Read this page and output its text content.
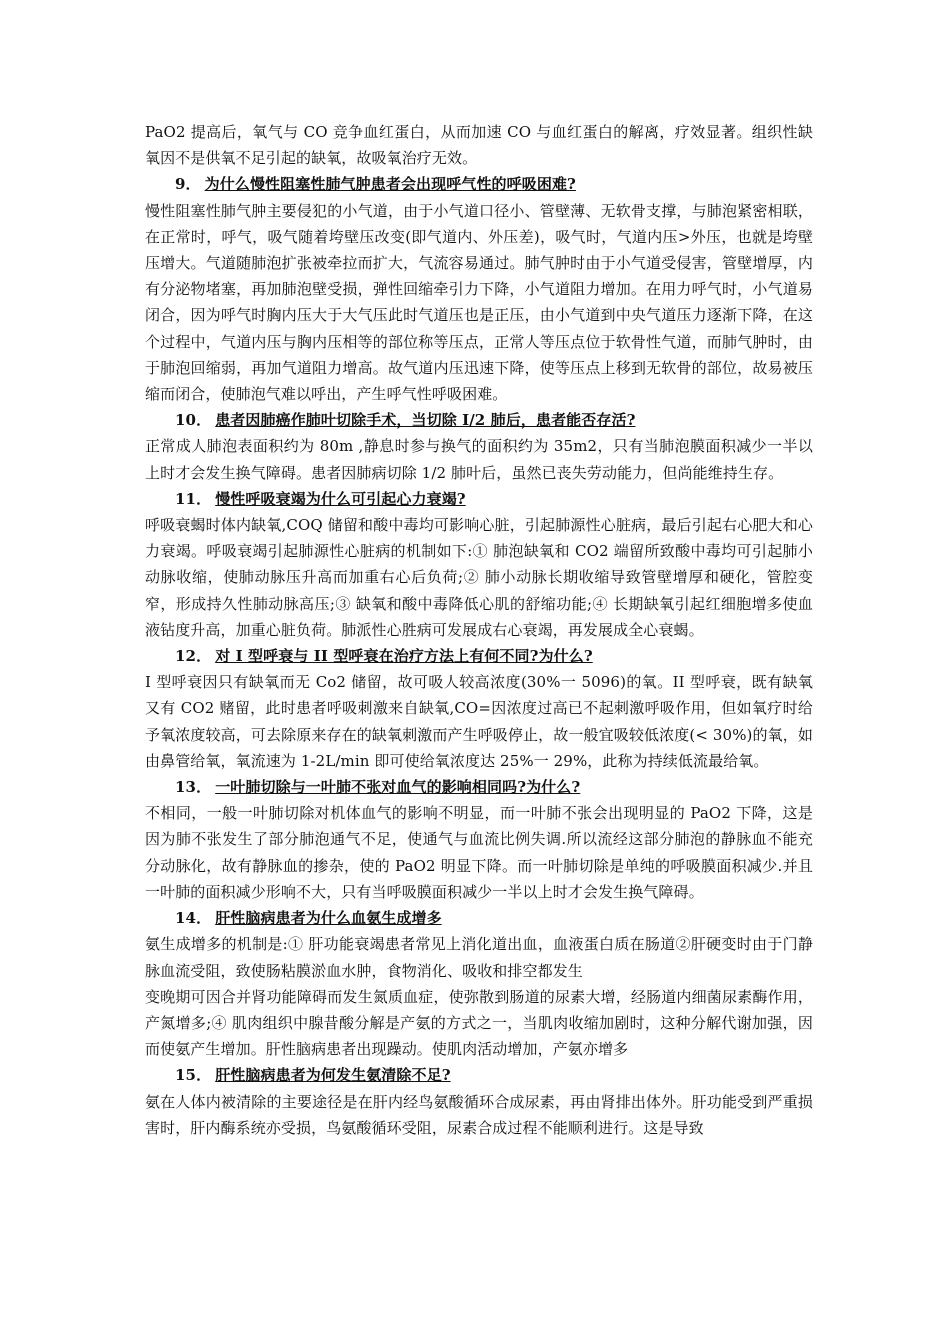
PaO2 提高后，氧气与 CO 竞争血红蛋白，从而加速 CO 与血红蛋白的解离，疗效显著。组织性缺氧因不是供氧不足引起的缺氧，故吸氧治疗无效。

9． 为什么慢性阻塞性肺气肿患者会出现呼气性的呼吸困难?

慢性阻塞性肺气肿主要侵犯的小气道，由于小气道口径小、管壁薄、无软骨支撑，与肺泡紧密相联，在正常时，呼气，吸气随着垮壁压改变(即气道内、外压差)，吸气时，气道内压>外压，也就是垮壁压增大。气道随肺泡扩张被牵拉而扩大，气流容易通过。肺气肿时由于小气道受侵害，管壁增厚，内有分泌物堵塞，再加肺泡壁受损，弹性回缩牵引力下降，小气道阻力增加。在用力呼气时，小气道易闭合，因为呼气时胸内压大于大气压此时气道压也是正压，由小气道到中央气道压力逐渐下降，在这个过程中，气道内压与胸内压相等的部位称等压点，正常人等压点位于软骨性气道，而肺气肿时，由于肺泡回缩弱，再加气道阻力增高。故气道内压迅速下降，使等压点上移到无软骨的部位，故易被压缩而闭合，使肺泡气难以呼出，产生呼气性呼吸困难。

10． 患者因肺癌作肺叶切除手术，当切除 I/2 肺后，患者能否存活?

正常成人肺泡表面积约为 80m ,静息时参与换气的面积约为 35m2，只有当肺泡膜面积减少一半以上时才会发生换气障碍。患者因肺病切除 1/2 肺叶后，虽然已丧失劳动能力，但尚能维持生存。

11． 慢性呼吸衰竭为什么可引起心力衰竭?

呼吸衰蝎时体内缺氧,COQ 储留和酸中毒均可影响心脏，引起肺源性心脏病，最后引起右心肥大和心力衰竭。呼吸衰竭引起肺源性心脏病的机制如下:① 肺泡缺氧和 CO2 端留所致酸中毒均可引起肺小动脉收缩，使肺动脉压升高而加重右心后负荷;② 肺小动脉长期收缩导致管壁增厚和硬化，管腔变窄，形成持久性肺动脉高压;③ 缺氧和酸中毒降低心肌的舒缩功能;④ 长期缺氧引起红细胞增多使血液钻度升高，加重心脏负荷。肺派性心胜病可发展成右心衰竭，再发展成全心衰蝎。

12． 对 I 型呼衰与 II 型呼衰在治疗方法上有何不同?为什么?

I 型呼衰因只有缺氧而无 Co2 储留，故可吸人较高浓度(30%一 5096)的氧。II 型呼衰，既有缺氧又有 CO2 赌留，此时患者呼吸刺激来自缺氧,CO=因浓度过高已不起刺激呼吸作用，但如氧疗时给予氧浓度较高，可去除原来存在的缺氧刺激而产生呼吸停止，故一般宜吸较低浓度(< 30%)的氧，如由鼻管给氧，氧流速为 1-2L/min 即可使给氧浓度达 25%一 29%，此称为持续低流最给氧。

13． 一叶肺切除与一叶肺不张对血气的影响相同吗?为什么?

不相同，一般一叶肺切除对机体血气的影响不明显，而一叶肺不张会出现明显的 PaO2 下降，这是因为肺不张发生了部分肺泡通气不足，使通气与血流比例失调.所以流经这部分肺泡的静脉血不能充分动脉化，故有静脉血的掺杂，使的 PaO2 明显下降。而一叶肺切除是单纯的呼吸膜面积减少.并且一叶肺的面积减少形响不大，只有当呼吸膜面积减少一半以上时才会发生换气障碍。

14． 肝性脑病患者为什么血氨生成增多

氨生成增多的机制是:① 肝功能衰竭患者常见上消化道出血，血液蛋白质在肠道②肝硬变时由于门静脉血流受阻，致使肠粘膜淤血水肿，食物消化、吸收和排空都发生

变晚期可因合并肾功能障碍而发生氮质血症，使弥散到肠道的尿素大增，经肠道内细菌尿素酶作用，产氮增多;④ 肌肉组织中腺昔酸分解是产氨的方式之一，当肌肉收缩加剧时，这种分解代谢加强，因而使氨产生增加。肝性脑病患者出现躁动。使肌肉活动增加，产氨亦增多

15． 肝性脑病患者为何发生氨清除不足?

氨在人体内被清除的主要途径是在肝内经鸟氨酸循环合成尿素，再由肾排出体外。肝功能受到严重损害时，肝内酶系统亦受损，鸟氨酸循环受阻，尿素合成过程不能顺利进行。这是导致
